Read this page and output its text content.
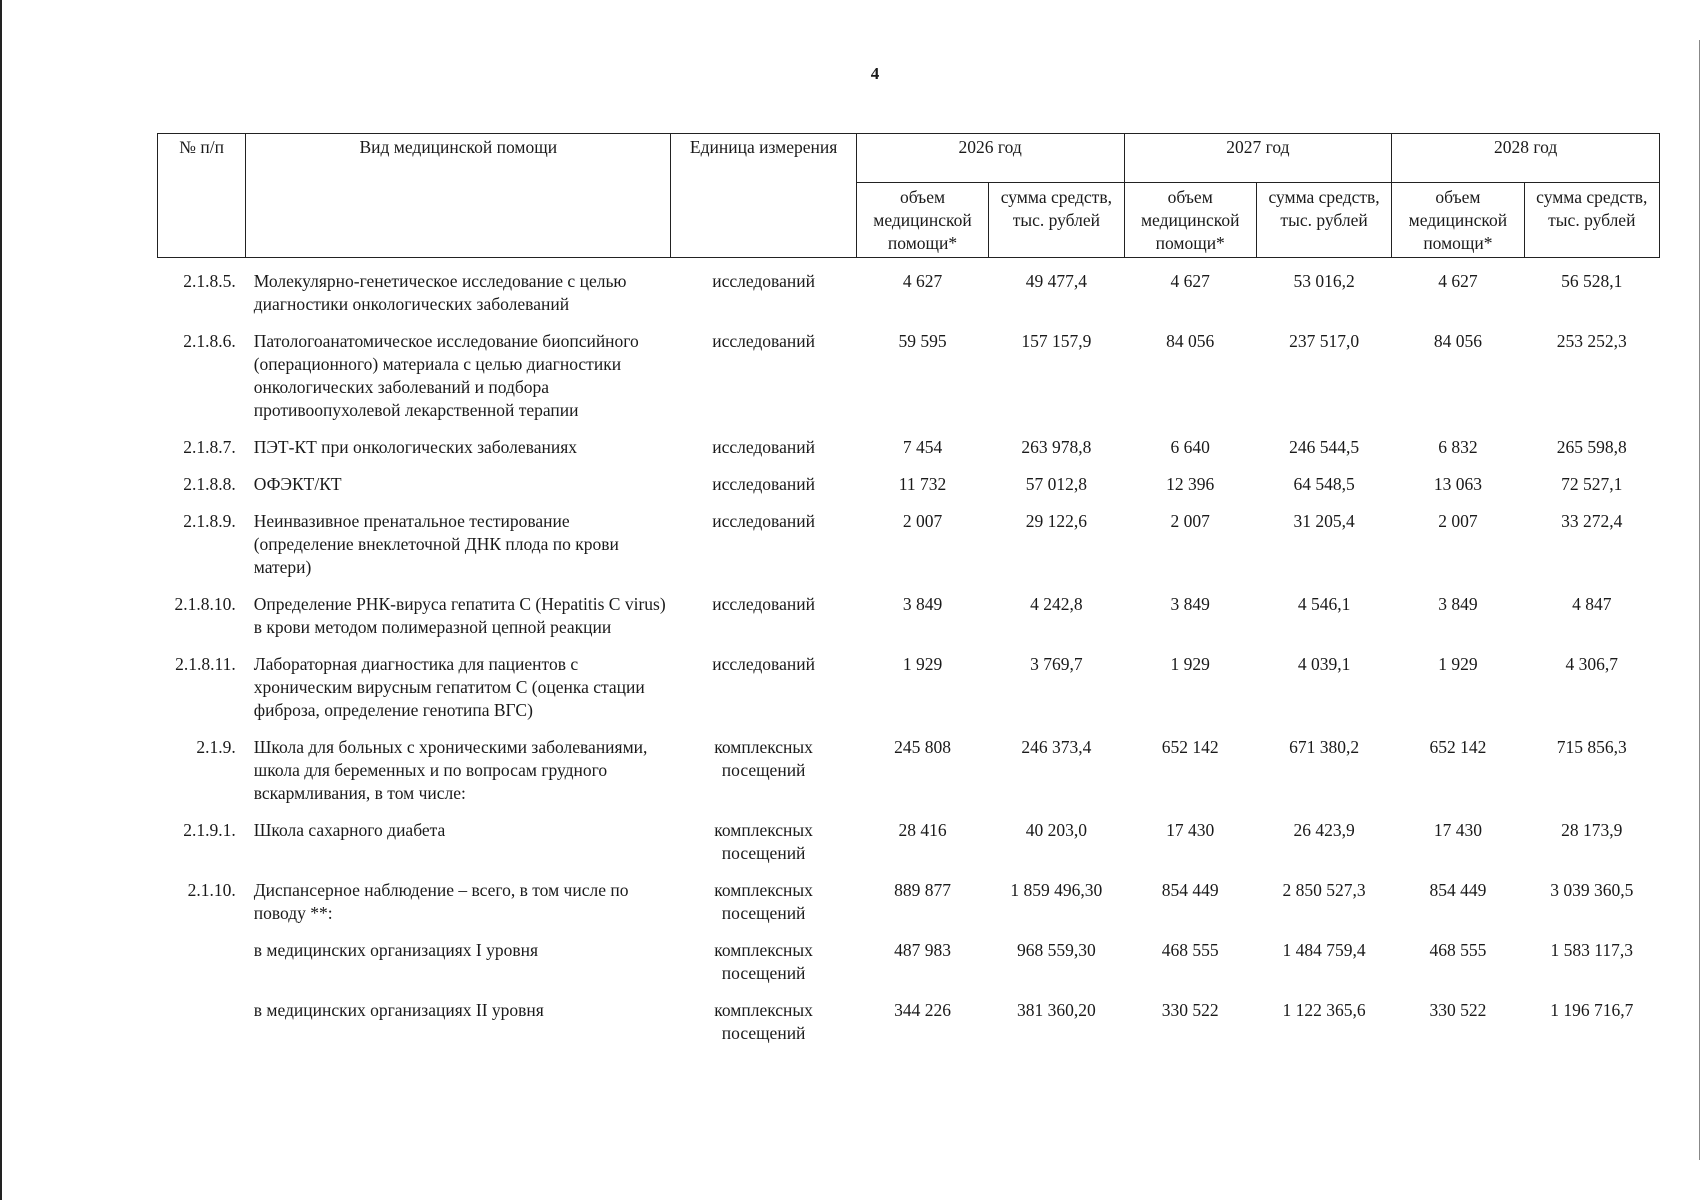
4
№ п/п	Вид медицинской помощи	Единица измерения	2026 год		2027 год		2028 год	
			объем медицинской помощи*	сумма средств, тыс. рублей	объем медицинской помощи*	сумма средств, тыс. рублей	объем медицинской помощи*	сумма средств, тыс. рублей
2.1.8.5.	Молекулярно-генетическое исследование с целью диагностики онкологических заболеваний	исследований	4 627	49 477,4	4 627	53 016,2	4 627	56 528,1
2.1.8.6.	Патологоанатомическое исследование биопсийного (операционного) материала с целью диагностики онкологических заболеваний и подбора противоопухолевой лекарственной терапии	исследований	59 595	157 157,9	84 056	237 517,0	84 056	253 252,3
2.1.8.7.	ПЭТ-КТ при онкологических заболеваниях	исследований	7 454	263 978,8	6 640	246 544,5	6 832	265 598,8
2.1.8.8.	ОФЭКТ/КТ	исследований	11 732	57 012,8	12 396	64 548,5	13 063	72 527,1
2.1.8.9.	Неинвазивное пренатальное тестирование (определение внеклеточной ДНК плода по крови матери)	исследований	2 007	29 122,6	2 007	31 205,4	2 007	33 272,4
2.1.8.10.	Определение РНК-вируса гепатита С (Hepatitis C virus) в крови методом полимеразной цепной реакции	исследований	3 849	4 242,8	3 849	4 546,1	3 849	4 847
2.1.8.11.	Лабораторная диагностика для пациентов с хроническим вирусным гепатитом С (оценка стации фиброза, определение генотипа ВГС)	исследований	1 929	3 769,7	1 929	4 039,1	1 929	4 306,7
2.1.9.	Школа для больных с хроническими заболеваниями, школа для беременных и по вопросам грудного вскармливания, в том числе:	комплексных посещений	245 808	246 373,4	652 142	671 380,2	652 142	715 856,3
2.1.9.1.	Школа сахарного диабета	комплексных посещений	28 416	40 203,0	17 430	26 423,9	17 430	28 173,9
2.1.10.	Диспансерное наблюдение – всего, в том числе по поводу **:	комплексных посещений	889 877	1 859 496,30	854 449	2 850 527,3	854 449	3 039 360,5
	в медицинских организациях I уровня	комплексных посещений	487 983	968 559,30	468 555	1 484 759,4	468 555	1 583 117,3
	в медицинских организациях II уровня	комплексных посещений	344 226	381 360,20	330 522	1 122 365,6	330 522	1 196 716,7
